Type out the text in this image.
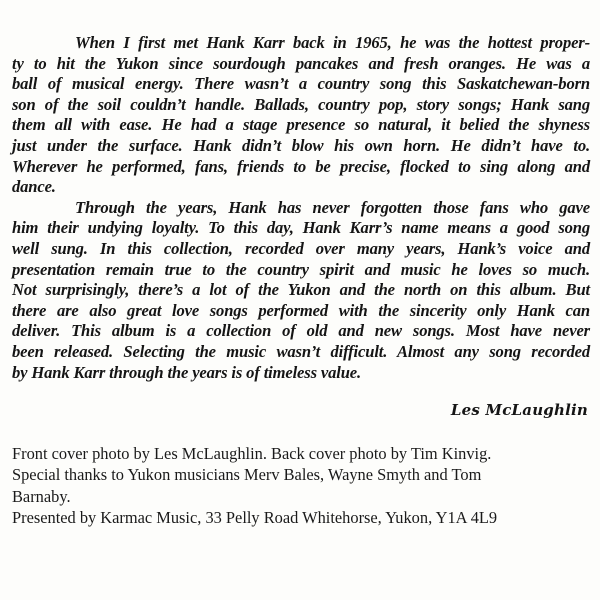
When I first met Hank Karr back in 1965, he was the hottest proper-
ty to hit the Yukon since sourdough pancakes and fresh oranges. He was a
ball of musical energy. There wasn’t a country song this Saskatchewan-born
son of the soil couldn’t handle. Ballads, country pop, story songs; Hank sang
them all with ease. He had a stage presence so natural, it belied the shyness
just under the surface. Hank didn’t blow his own horn. He didn’t have to.
Wherever he performed, fans, friends to be precise, flocked to sing along and
dance.

Through the years, Hank has never forgotten those fans who gave
him their undying loyalty. To this day, Hank Karr’s name means a good song
well sung. In this collection, recorded over many years, Hank’s voice and
presentation remain true to the country spirit and music he loves so much.
Not surprisingly, there’s a lot of the Yukon and the north on this album. But
there are also great love songs performed with the sincerity only Hank can
deliver. This album is a collection of old and new songs. Most have never
been released. Selecting the music wasn’t difficult. Almost any song recorded
by Hank Karr through the years is of timeless value.

Les McLaughlin
Front cover photo by Les McLaughlin. Back cover photo by Tim Kinvig.
Special thanks to Yukon musicians Merv Bales, Wayne Smyth and Tom
Barnaby.
Presented by Karmac Music, 33 Pelly Road Whitehorse, Yukon, Y1A 4L9
